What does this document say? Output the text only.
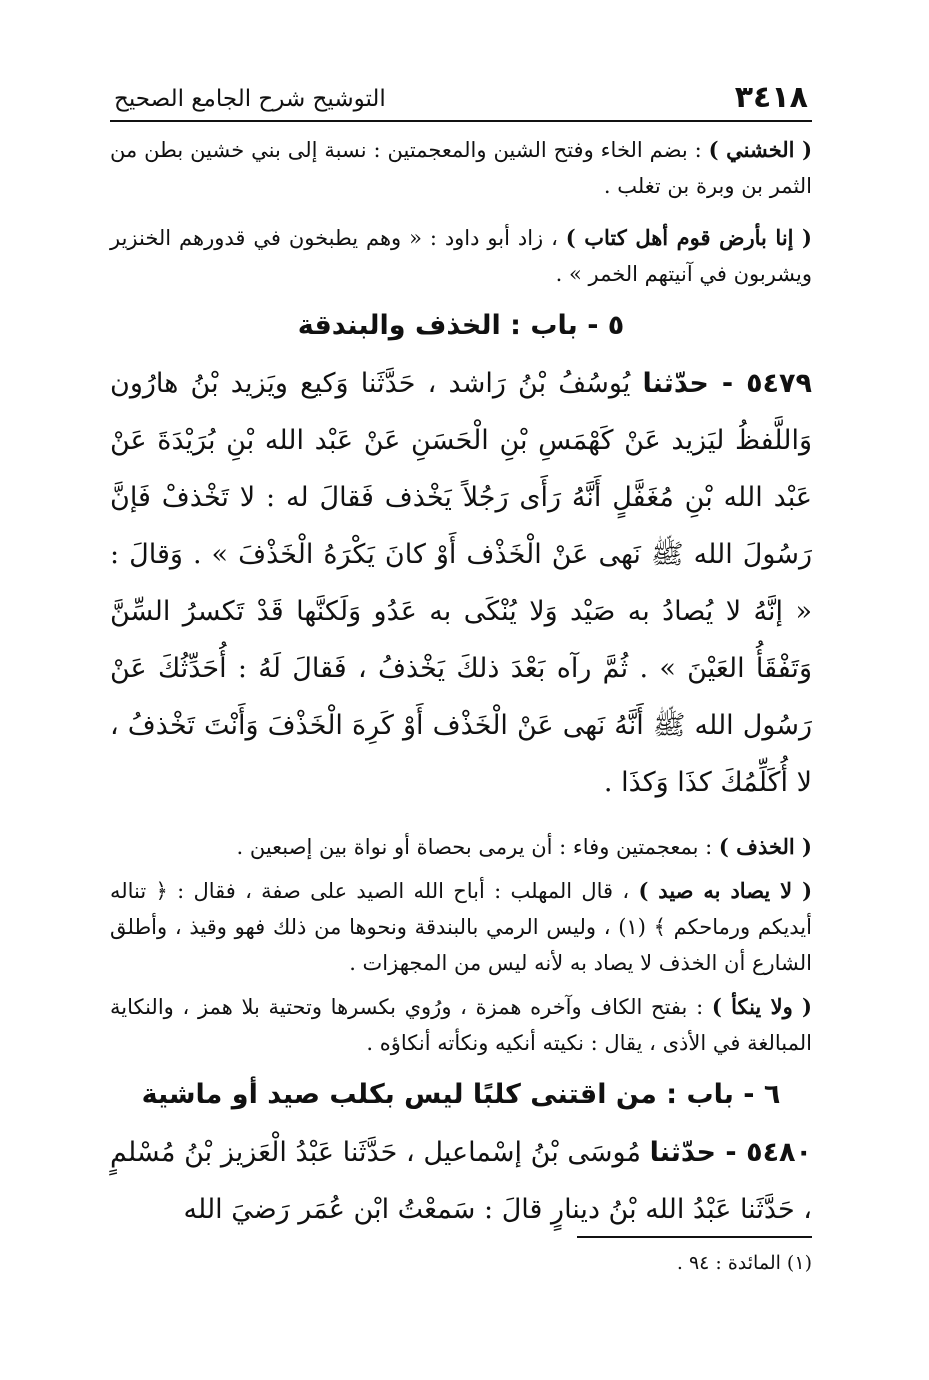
٣٤١٨
التوشيح شرح الجامع الصحيح

( الخشني ) : بضم الخاء وفتح الشين والمعجمتين : نسبة إلى بني خشين بطن من الثمر بن وبرة بن تغلب .

( إنا بأرض قوم أهل كتاب ) ، زاد أبو داود : « وهم يطبخون في قدورهم الخنزير ويشربون في آنيتهم الخمر » .

٥ - باب : الخذف والبندقة

٥٤٧٩ - حدّثنا يُوسُفُ بْنُ رَاشد ، حَدَّثَنا وَكيع ويَزيد بْنُ هارُون وَاللَّفظُ ليَزيد عَنْ كَهْمَسِ بْنِ الْحَسَنِ عَنْ عَبْد الله بْنِ بُرَيْدَةَ عَنْ عَبْد الله بْنِ مُغَفَّلٍ أَنَّهُ رَأَى رَجُلاً يَخْذف فَقالَ له : لا تَخْذفْ فَإنَّ رَسُولَ الله ﷺ نَهى عَنْ الْخَذْف أَوْ كانَ يَكْرَهُ الْخَذْفَ » . وَقالَ : « إنَّهُ لا يُصادُ به صَيْد وَلا يُنْكَى به عَدُو وَلَكنَّها قَدْ تَكسرُ السِّنَّ وَتَفْقَأُ العَيْنَ » . ثُمَّ رآه بَعْدَ ذلكَ يَخْذفُ ، فَقالَ لَهُ : أُحَدِّثُكَ عَنْ رَسُول الله ﷺ أَنَّهُ نَهى عَنْ الْخَذْف أَوْ كَرِهَ الْخَذْفَ وَأَنْتَ تَخْذفُ ، لا أُكَلِّمُكَ كذَا وَكذَا .

( الخذف ) : بمعجمتين وفاء : أن يرمى بحصاة أو نواة بين إصبعين .

( لا يصاد به صيد ) ، قال المهلب : أباح الله الصيد على صفة ، فقال : ﴿ تناله أيديكم ورماحكم ﴾ (١) ، وليس الرمي بالبندقة ونحوها من ذلك فهو وقيذ ، وأطلق الشارع أن الخذف لا يصاد به لأنه ليس من المجهزات .

( ولا ينكأ ) : بفتح الكاف وآخره همزة ، ورُوي بكسرها وتحتية بلا همز ، والنكاية المبالغة في الأذى ، يقال : نكيته أنكيه ونكأته أنكاؤه .

٦ - باب : من اقتنى كلبًا ليس بكلب صيد أو ماشية

٥٤٨٠ - حدّثنا مُوسَى بْنُ إسْماعيل ، حَدَّثَنا عَبْدُ الْعَزيز بْنُ مُسْلمٍ ، حَدَّثَنا عَبْدُ الله بْنُ دينارٍ قالَ : سَمعْتُ ابْن عُمَر رَضيَ الله

(١) المائدة : ٩٤ .
